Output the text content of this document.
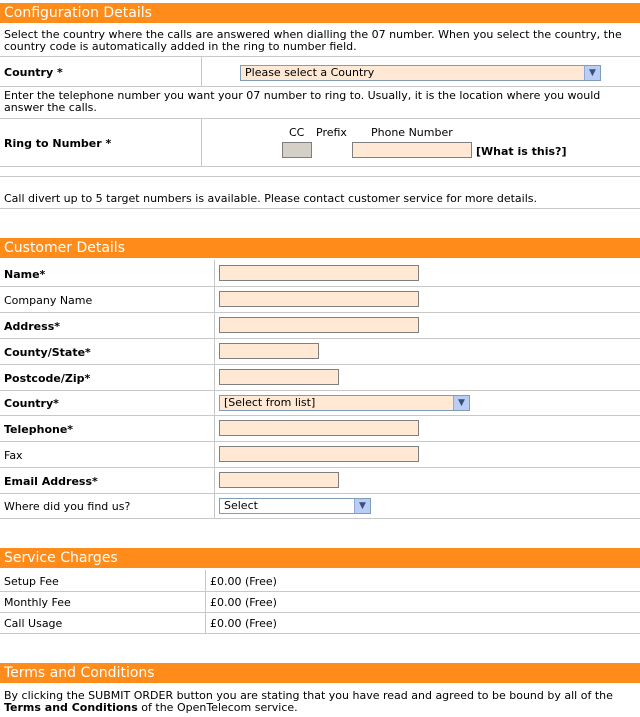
Configuration Details
Select the country where the calls are answered when dialling the 07 number. When you select the country, the country code is automatically added in the ring to number field.
Country *	Please select a Country	▼
Enter the telephone number you want your 07 number to ring to. Usually, it is the location where you would answer the calls.
Ring to Number *
CC Prefix Phone Number
[What is this?]
Call divert up to 5 target numbers is available. Please contact customer service for more details.
Customer Details
Name*
Company Name
Address*
County/State*
Postcode/Zip*
Country*	[Select from list]	▼
Telephone*
Fax
Email Address*
Where did you find us?	Select	▼
Service Charges
Setup Fee	£0.00 (Free)
Monthly Fee	£0.00 (Free)
Call Usage	£0.00 (Free)
Terms and Conditions
By clicking the SUBMIT ORDER button you are stating that you have read and agreed to be bound by all of the
Terms and Conditions of the OpenTelecom service.
